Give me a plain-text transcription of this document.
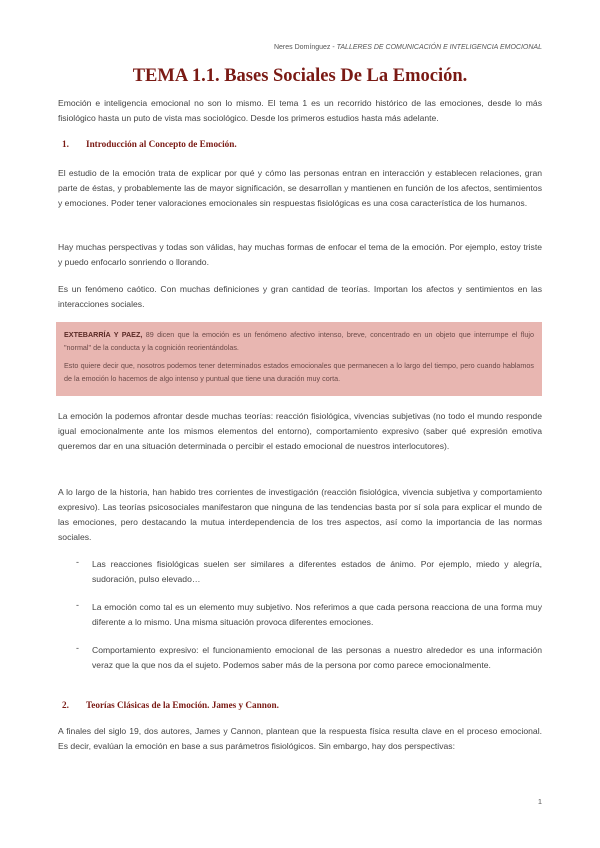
Neres Domínguez - TALLERES DE COMUNICACIÓN E INTELIGENCIA EMOCIONAL
TEMA 1.1. Bases Sociales De La Emoción.

Emoción e inteligencia emocional no son lo mismo. El tema 1 es un recorrido histórico de las emociones, desde lo más fisiológico hasta un puto de vista mas sociológico. Desde los primeros estudios hasta más adelante.

1. Introducción al Concepto de Emoción.

El estudio de la emoción trata de explicar por qué y cómo las personas entran en interacción y establecen relaciones, gran parte de éstas, y probablemente las de mayor significación, se desarrollan y mantienen en función de los afectos, sentimientos y emociones. Poder tener valoraciones emocionales sin respuestas fisiológicas es una cosa característica de los humanos.

Hay muchas perspectivas y todas son válidas, hay muchas formas de enfocar el tema de la emoción. Por ejemplo, estoy triste y puedo enfocarlo sonriendo o llorando.

Es un fenómeno caótico. Con muchas definiciones y gran cantidad de teorías. Importan los afectos y sentimientos en las interacciones sociales.

EXTEBARRÍA Y PAEZ, 89 dicen que la emoción es un fenómeno afectivo intenso, breve, concentrado en un objeto que interrumpe el flujo "normal" de la conducta y la cognición reorientándolas.

Esto quiere decir que, nosotros podemos tener determinados estados emocionales que permanecen a lo largo del tiempo, pero cuando hablamos de la emoción lo hacemos de algo intenso y puntual que tiene una duración muy corta.

La emoción la podemos afrontar desde muchas teorías: reacción fisiológica, vivencias subjetivas (no todo el mundo responde igual emocionalmente ante los mismos elementos del entorno), comportamiento expresivo (saber qué expresión emotiva queremos dar en una situación determinada o percibir el estado emocional de nuestros interlocutores).

A lo largo de la historia, han habido tres corrientes de investigación (reacción fisiológica, vivencia subjetiva y comportamiento expresivo). Las teorías psicosociales manifestaron que ninguna de las tendencias basta por sí sola para explicar el mundo de las emociones, pero destacando la mutua interdependencia de los tres aspectos, así como la importancia de las normas sociales.

- Las reacciones fisiológicas suelen ser similares a diferentes estados de ánimo. Por ejemplo, miedo y alegría, sudoración, pulso elevado…

- La emoción como tal es un elemento muy subjetivo. Nos referimos a que cada persona reacciona de una forma muy diferente a lo mismo. Una misma situación provoca diferentes emociones.

- Comportamiento expresivo: el funcionamiento emocional de las personas a nuestro alrededor es una información veraz que la que nos da el sujeto. Podemos saber más de la persona por como parece emocionalmente.

2. Teorías Clásicas de la Emoción. James y Cannon.

A finales del siglo 19, dos autores, James y Cannon, plantean que la respuesta física resulta clave en el proceso emocional. Es decir, evalúan la emoción en base a sus parámetros fisiológicos. Sin embargo, hay dos perspectivas:

1
